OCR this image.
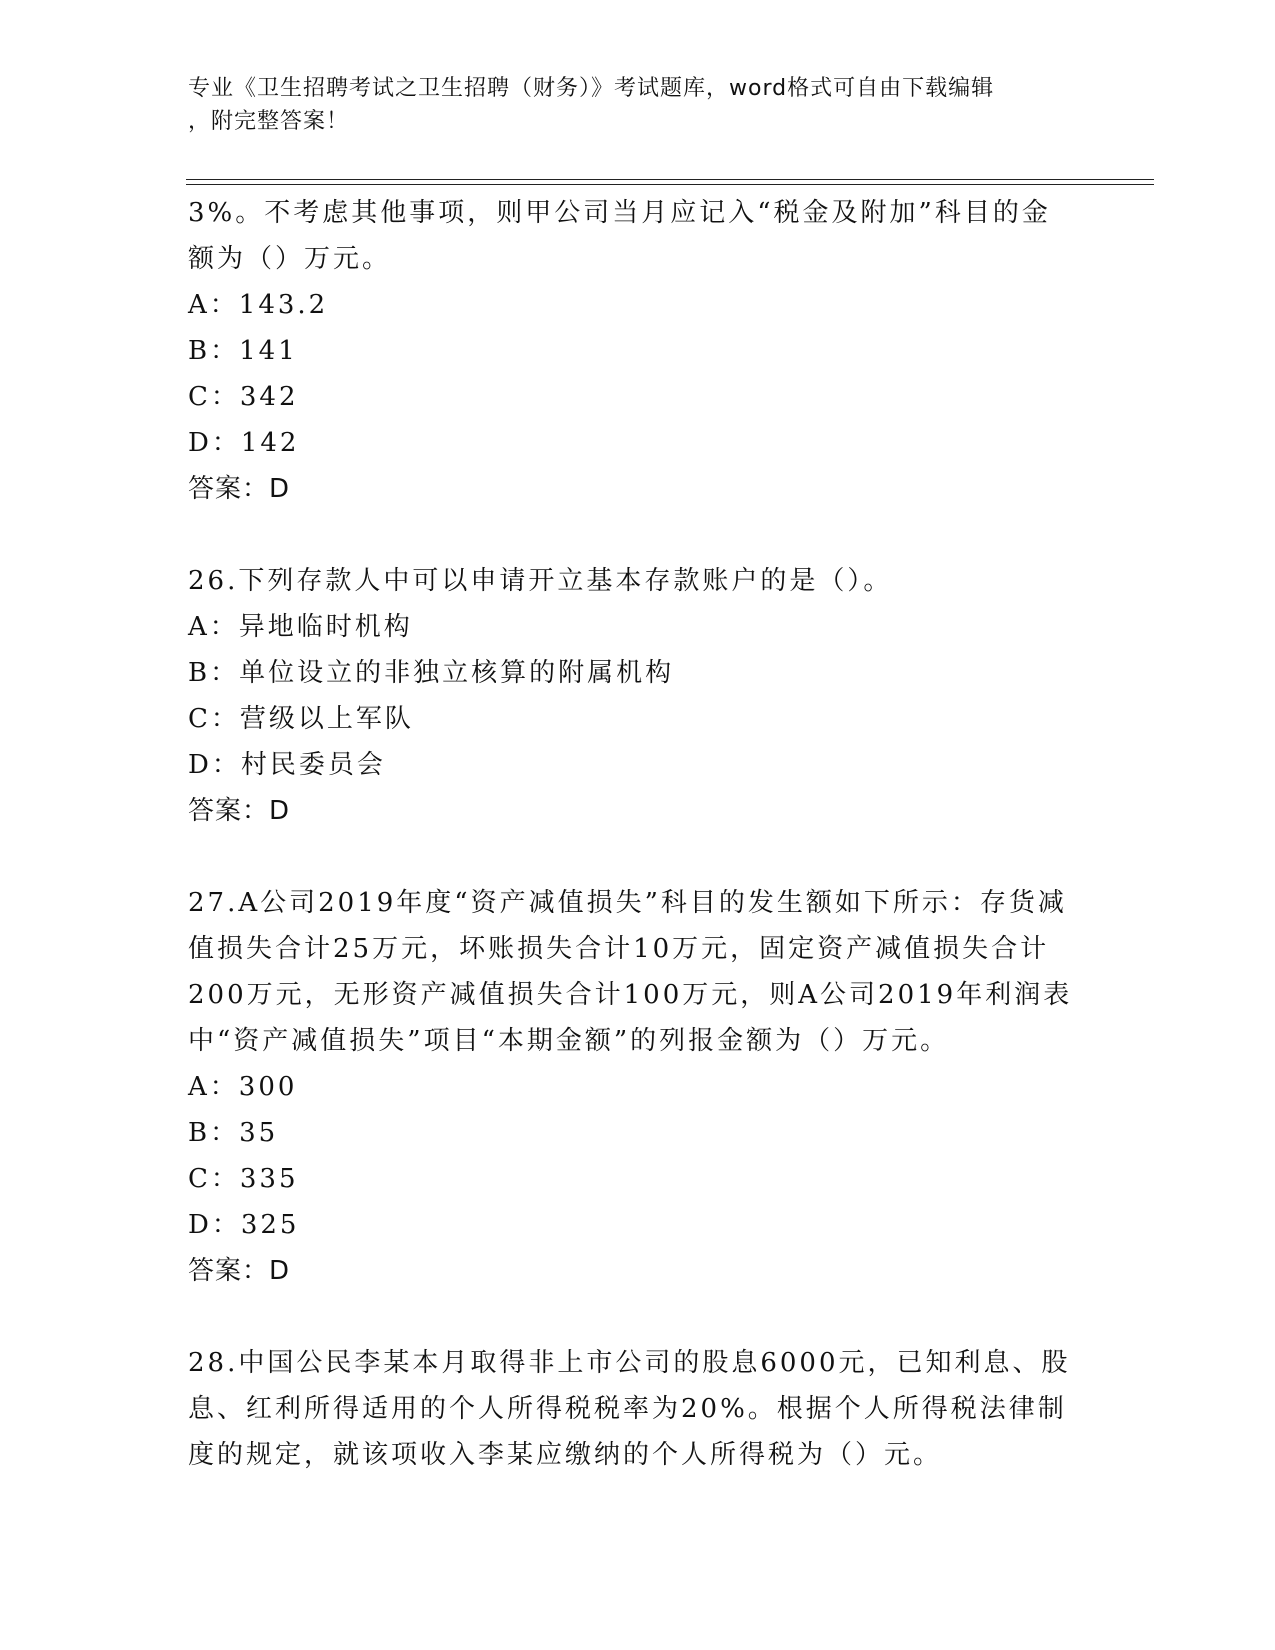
专业《卫生招聘考试之卫生招聘（财务）》考试题库，word格式可自由下载编辑
，附完整答案！
3%。不考虑其他事项，则甲公司当月应记入“税金及附加”科目的金
额为（）万元。
A：143.2
B：141
C：342
D：142
答案：D
26.下列存款人中可以申请开立基本存款账户的是（）。
A：异地临时机构
B：单位设立的非独立核算的附属机构
C：营级以上军队
D：村民委员会
答案：D
27.A公司2019年度“资产减值损失”科目的发生额如下所示：存货减
值损失合计25万元，坏账损失合计10万元，固定资产减值损失合计
200万元，无形资产减值损失合计100万元，则A公司2019年利润表
中“资产减值损失”项目“本期金额”的列报金额为（）万元。
A：300
B：35
C：335
D：325
答案：D
28.中国公民李某本月取得非上市公司的股息6000元，已知利息、股
息、红利所得适用的个人所得税税率为20%。根据个人所得税法律制
度的规定，就该项收入李某应缴纳的个人所得税为（）元。
